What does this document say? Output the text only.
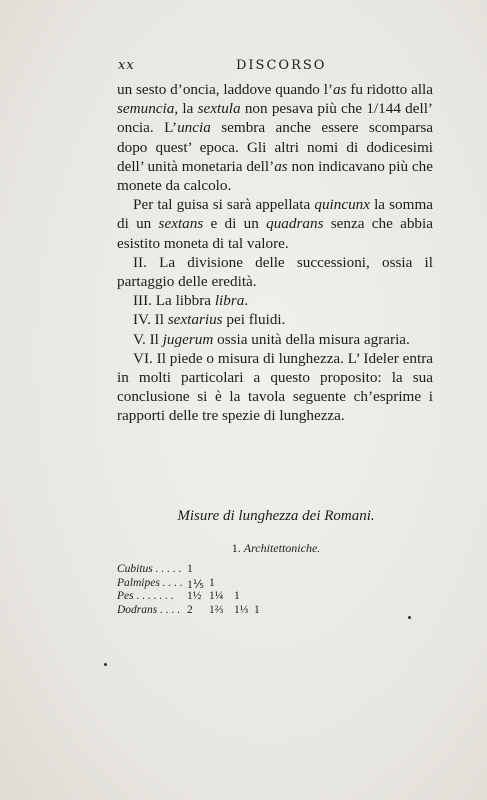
xx	DISCORSO

un sesto d’oncia, laddove quando l’as fu ridotto alla semuncia, la sextula non pesava più che 1/144 dell’ oncia. L’uncia sembra anche essere scomparsa dopo quest’ epoca. Gli altri nomi di dodicesimi dell’ unità monetaria dell’as non indicavano più che monete da calcolo.

Per tal guisa si sarà appellata quincunx la somma di un sextans e di un quadrans senza che abbia esistito moneta di tal valore.

II. La divisione delle successioni, ossia il partaggio delle eredità.

III. La libbra libra.

IV. Il sextarius pei fluidi.

V. Il jugerum ossia unità della misura agraria.

VI. Il piede o misura di lunghezza. L’ Ideler entra in molti particolari a questo proposito: la sua conclusione si è la tavola seguente ch’esprime i rapporti delle tre spezie di lunghezza.

Misure di lunghezza dei Romani.
1. Architettoniche.
Cubitus . . . . . 1
Palmipes . . . . 1⅕ 1
Pes . . . . . . . 1½ 1¼ 1
Dodrans . . . . 2 1⅔ 1⅓ 1
